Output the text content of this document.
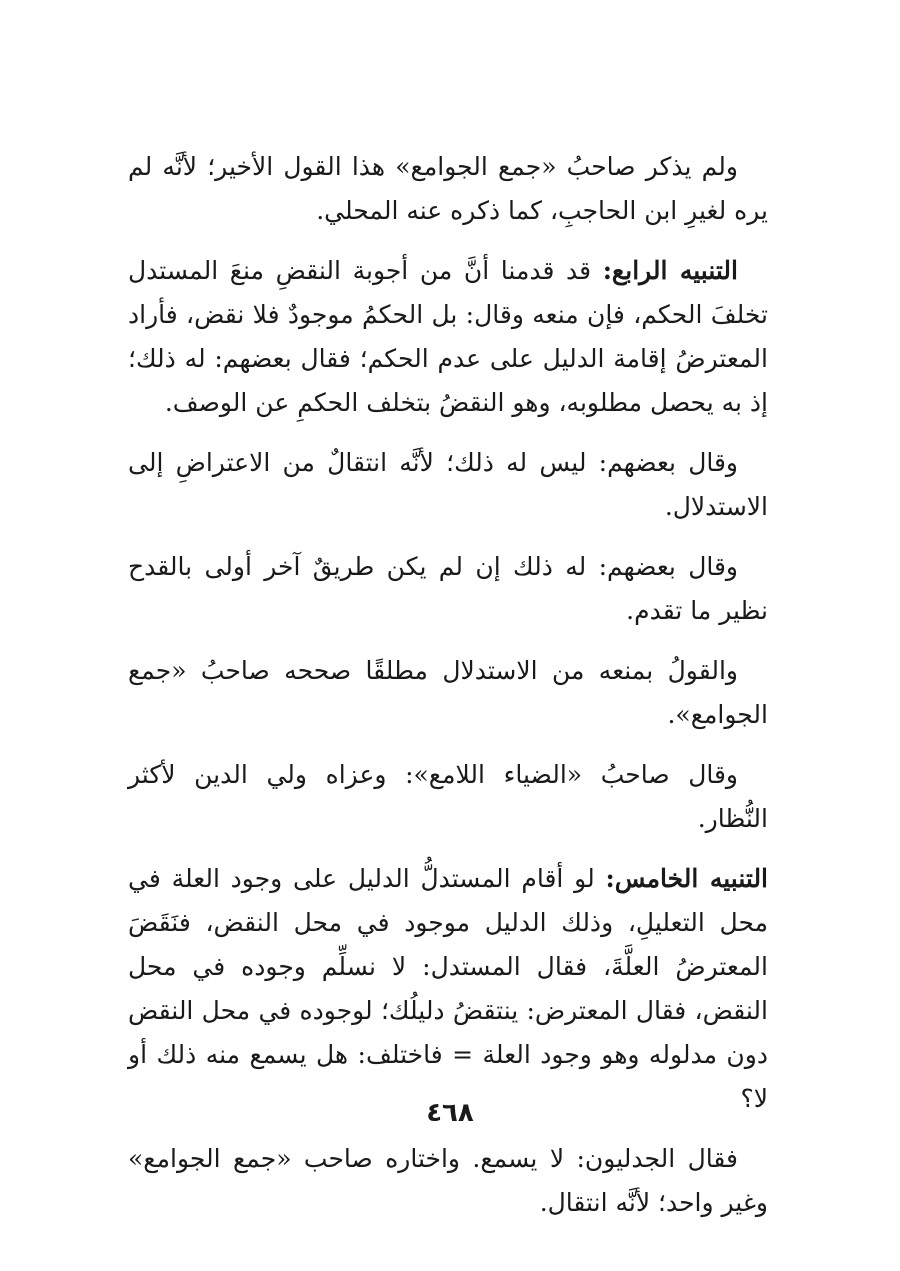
ولم يذكر صاحبُ «جمع الجوامع» هذا القول الأخير؛ لأنَّه لم يره لغيرِ ابن الحاجبِ، كما ذكره عنه المحلي.

التنبيه الرابع: قد قدمنا أنَّ من أجوبة النقضِ منعَ المستدل تخلفَ الحكم، فإن منعه وقال: بل الحكمُ موجودٌ فلا نقض، فأراد المعترضُ إقامة الدليل على عدم الحكم؛ فقال بعضهم: له ذلك؛ إذ به يحصل مطلوبه، وهو النقضُ بتخلف الحكمِ عن الوصف.

وقال بعضهم: ليس له ذلك؛ لأنَّه انتقالٌ من الاعتراضِ إلى الاستدلال.

وقال بعضهم: له ذلك إن لم يكن طريقٌ آخر أولى بالقدح نظير ما تقدم.

والقولُ بمنعه من الاستدلال مطلقًا صححه صاحبُ «جمع الجوامع».

وقال صاحبُ «الضياء اللامع»: وعزاه ولي الدين لأكثر النُّظار.

التنبيه الخامس: لو أقام المستدلُّ الدليل على وجود العلة في محل التعليلِ، وذلك الدليل موجود في محل النقض، فنَقَضَ المعترضُ العلَّةَ، فقال المستدل: لا نسلِّم وجوده في محل النقض، فقال المعترض: ينتقضُ دليلُك؛ لوجوده في محل النقض دون مدلوله وهو وجود العلة = فاختلف: هل يسمع منه ذلك أو لا؟

فقال الجدليون: لا يسمع. واختاره صاحب «جمع الجوامع» وغير واحد؛ لأنَّه انتقال.

٤٦٨
